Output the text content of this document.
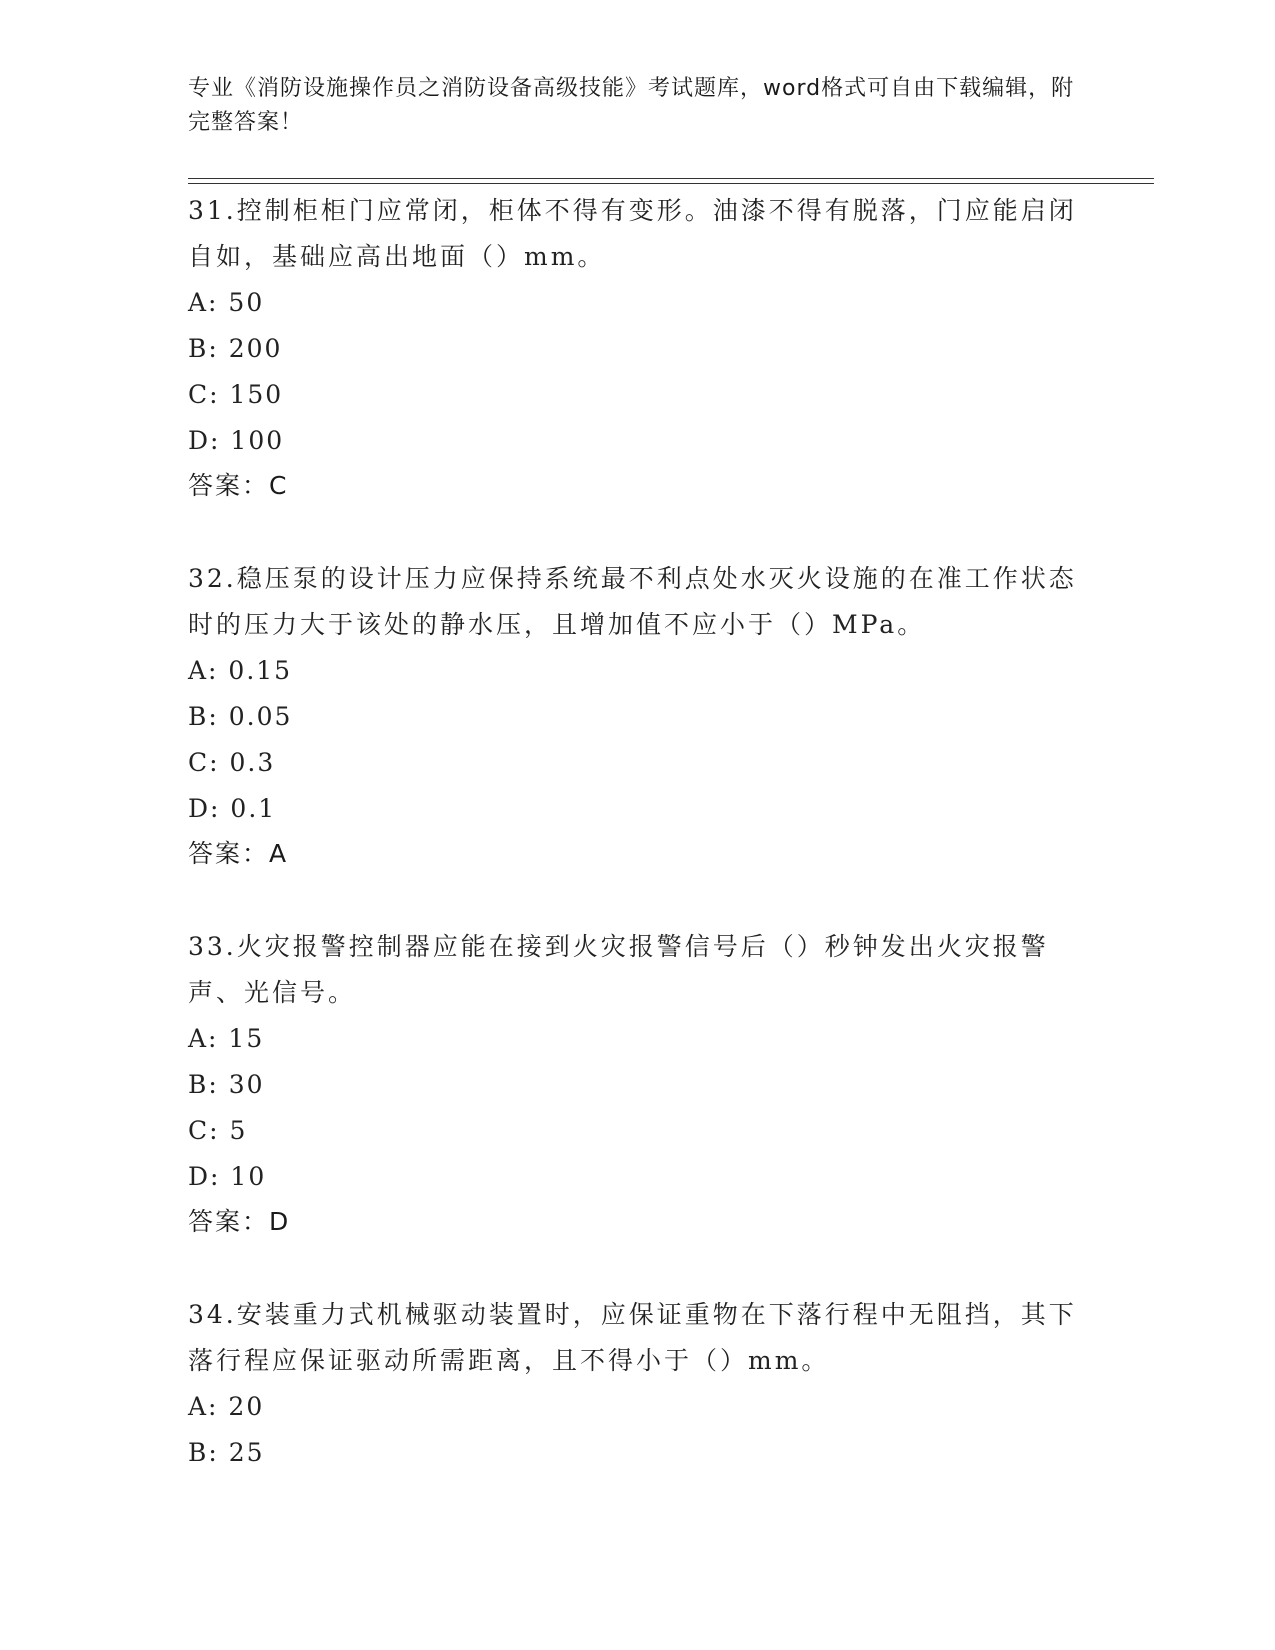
专业《消防设施操作员之消防设备高级技能》考试题库，word格式可自由下载编辑，附完整答案！

31.控制柜柜门应常闭，柜体不得有变形。油漆不得有脱落，门应能启闭自如，基础应高出地面（）mm。

A: 50

B: 200

C: 150

D: 100

答案：C

32.稳压泵的设计压力应保持系统最不利点处水灭火设施的在准工作状态时的压力大于该处的静水压，且增加值不应小于（）MPa。

A: 0.15

B: 0.05

C: 0.3

D: 0.1

答案：A

33.火灾报警控制器应能在接到火灾报警信号后（）秒钟发出火灾报警声、光信号。

A: 15

B: 30

C: 5

D: 10

答案：D

34.安装重力式机械驱动装置时，应保证重物在下落行程中无阻挡，其下落行程应保证驱动所需距离，且不得小于（）mm。

A: 20

B: 25
